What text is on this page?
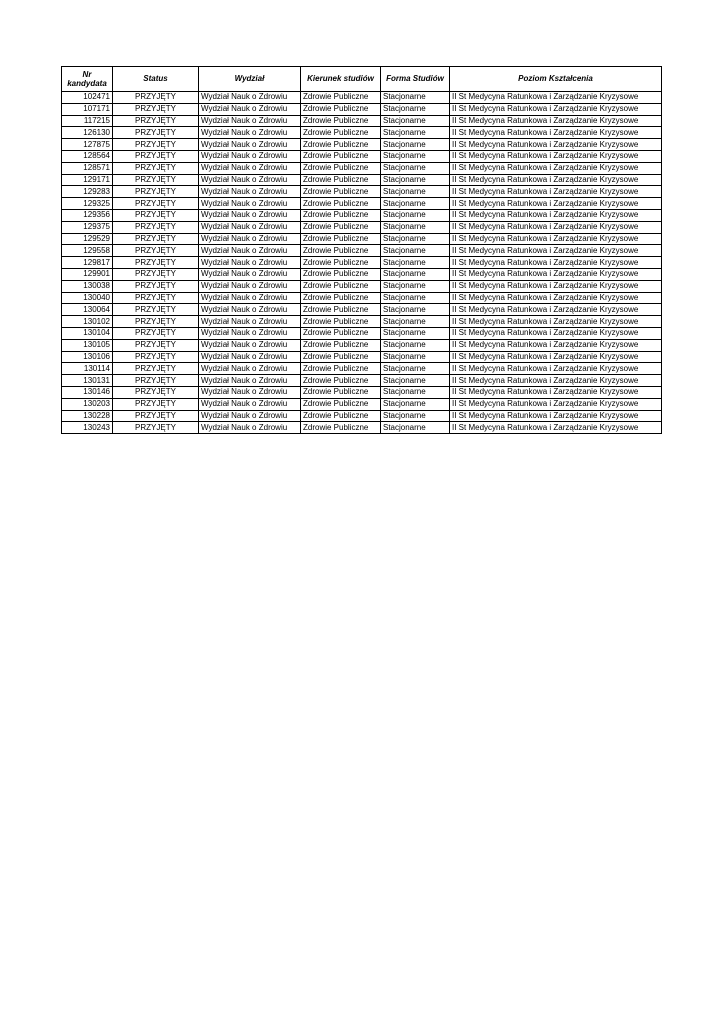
Nr kandydata	Status	Wydział	Kierunek studiów	Forma Studiów	Poziom Kształcenia
102471	PRZYJĘTY	Wydział Nauk o Zdrowiu	Zdrowie Publiczne	Stacjonarne	II St Medycyna Ratunkowa i Zarządzanie Kryzysowe
107171	PRZYJĘTY	Wydział Nauk o Zdrowiu	Zdrowie Publiczne	Stacjonarne	II St Medycyna Ratunkowa i Zarządzanie Kryzysowe
117215	PRZYJĘTY	Wydział Nauk o Zdrowiu	Zdrowie Publiczne	Stacjonarne	II St Medycyna Ratunkowa i Zarządzanie Kryzysowe
126130	PRZYJĘTY	Wydział Nauk o Zdrowiu	Zdrowie Publiczne	Stacjonarne	II St Medycyna Ratunkowa i Zarządzanie Kryzysowe
127875	PRZYJĘTY	Wydział Nauk o Zdrowiu	Zdrowie Publiczne	Stacjonarne	II St Medycyna Ratunkowa i Zarządzanie Kryzysowe
128564	PRZYJĘTY	Wydział Nauk o Zdrowiu	Zdrowie Publiczne	Stacjonarne	II St Medycyna Ratunkowa i Zarządzanie Kryzysowe
128571	PRZYJĘTY	Wydział Nauk o Zdrowiu	Zdrowie Publiczne	Stacjonarne	II St Medycyna Ratunkowa i Zarządzanie Kryzysowe
129171	PRZYJĘTY	Wydział Nauk o Zdrowiu	Zdrowie Publiczne	Stacjonarne	II St Medycyna Ratunkowa i Zarządzanie Kryzysowe
129283	PRZYJĘTY	Wydział Nauk o Zdrowiu	Zdrowie Publiczne	Stacjonarne	II St Medycyna Ratunkowa i Zarządzanie Kryzysowe
129325	PRZYJĘTY	Wydział Nauk o Zdrowiu	Zdrowie Publiczne	Stacjonarne	II St Medycyna Ratunkowa i Zarządzanie Kryzysowe
129356	PRZYJĘTY	Wydział Nauk o Zdrowiu	Zdrowie Publiczne	Stacjonarne	II St Medycyna Ratunkowa i Zarządzanie Kryzysowe
129375	PRZYJĘTY	Wydział Nauk o Zdrowiu	Zdrowie Publiczne	Stacjonarne	II St Medycyna Ratunkowa i Zarządzanie Kryzysowe
129529	PRZYJĘTY	Wydział Nauk o Zdrowiu	Zdrowie Publiczne	Stacjonarne	II St Medycyna Ratunkowa i Zarządzanie Kryzysowe
129558	PRZYJĘTY	Wydział Nauk o Zdrowiu	Zdrowie Publiczne	Stacjonarne	II St Medycyna Ratunkowa i Zarządzanie Kryzysowe
129817	PRZYJĘTY	Wydział Nauk o Zdrowiu	Zdrowie Publiczne	Stacjonarne	II St Medycyna Ratunkowa i Zarządzanie Kryzysowe
129901	PRZYJĘTY	Wydział Nauk o Zdrowiu	Zdrowie Publiczne	Stacjonarne	II St Medycyna Ratunkowa i Zarządzanie Kryzysowe
130038	PRZYJĘTY	Wydział Nauk o Zdrowiu	Zdrowie Publiczne	Stacjonarne	II St Medycyna Ratunkowa i Zarządzanie Kryzysowe
130040	PRZYJĘTY	Wydział Nauk o Zdrowiu	Zdrowie Publiczne	Stacjonarne	II St Medycyna Ratunkowa i Zarządzanie Kryzysowe
130064	PRZYJĘTY	Wydział Nauk o Zdrowiu	Zdrowie Publiczne	Stacjonarne	II St Medycyna Ratunkowa i Zarządzanie Kryzysowe
130102	PRZYJĘTY	Wydział Nauk o Zdrowiu	Zdrowie Publiczne	Stacjonarne	II St Medycyna Ratunkowa i Zarządzanie Kryzysowe
130104	PRZYJĘTY	Wydział Nauk o Zdrowiu	Zdrowie Publiczne	Stacjonarne	II St Medycyna Ratunkowa i Zarządzanie Kryzysowe
130105	PRZYJĘTY	Wydział Nauk o Zdrowiu	Zdrowie Publiczne	Stacjonarne	II St Medycyna Ratunkowa i Zarządzanie Kryzysowe
130106	PRZYJĘTY	Wydział Nauk o Zdrowiu	Zdrowie Publiczne	Stacjonarne	II St Medycyna Ratunkowa i Zarządzanie Kryzysowe
130114	PRZYJĘTY	Wydział Nauk o Zdrowiu	Zdrowie Publiczne	Stacjonarne	II St Medycyna Ratunkowa i Zarządzanie Kryzysowe
130131	PRZYJĘTY	Wydział Nauk o Zdrowiu	Zdrowie Publiczne	Stacjonarne	II St Medycyna Ratunkowa i Zarządzanie Kryzysowe
130146	PRZYJĘTY	Wydział Nauk o Zdrowiu	Zdrowie Publiczne	Stacjonarne	II St Medycyna Ratunkowa i Zarządzanie Kryzysowe
130203	PRZYJĘTY	Wydział Nauk o Zdrowiu	Zdrowie Publiczne	Stacjonarne	II St Medycyna Ratunkowa i Zarządzanie Kryzysowe
130228	PRZYJĘTY	Wydział Nauk o Zdrowiu	Zdrowie Publiczne	Stacjonarne	II St Medycyna Ratunkowa i Zarządzanie Kryzysowe
130243	PRZYJĘTY	Wydział Nauk o Zdrowiu	Zdrowie Publiczne	Stacjonarne	II St Medycyna Ratunkowa i Zarządzanie Kryzysowe
